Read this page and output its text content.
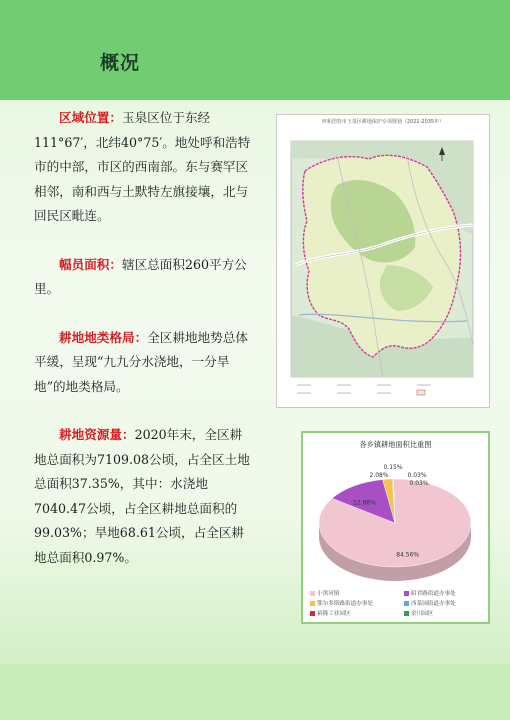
概况

区域位置：玉泉区位于东经111°67′，北纬40°75′。地处呼和浩特市的中部，市区的西南部。东与赛罕区相邻，南和西与土默特左旗接壤，北与回民区毗连。

幅员面积：辖区总面积260平方公里。

耕地地类格局：全区耕地地势总体平缓，呈现“九九分水浇地，一分旱地”的地类格局。

耕地资源量：2020年末，全区耕地总面积为7109.08公顷，占全区土地总面积37.35%，其中：水浇地7040.47公顷，占全区耕地总面积的99.03%；旱地68.61公顷，占全区耕地总面积0.97%。

呼和浩特市玉泉区耕地保护专项规划（2021-2035年）
各乡镇耕地面积比重图
84.56%
12.88%
2.08%
0.15%
0.03%
0.03%
小黑河镇	昭君路街道办事处
鄂尔多斯路街道办事处	西菜园街道办事处
裕隆工业园区	金川园区
